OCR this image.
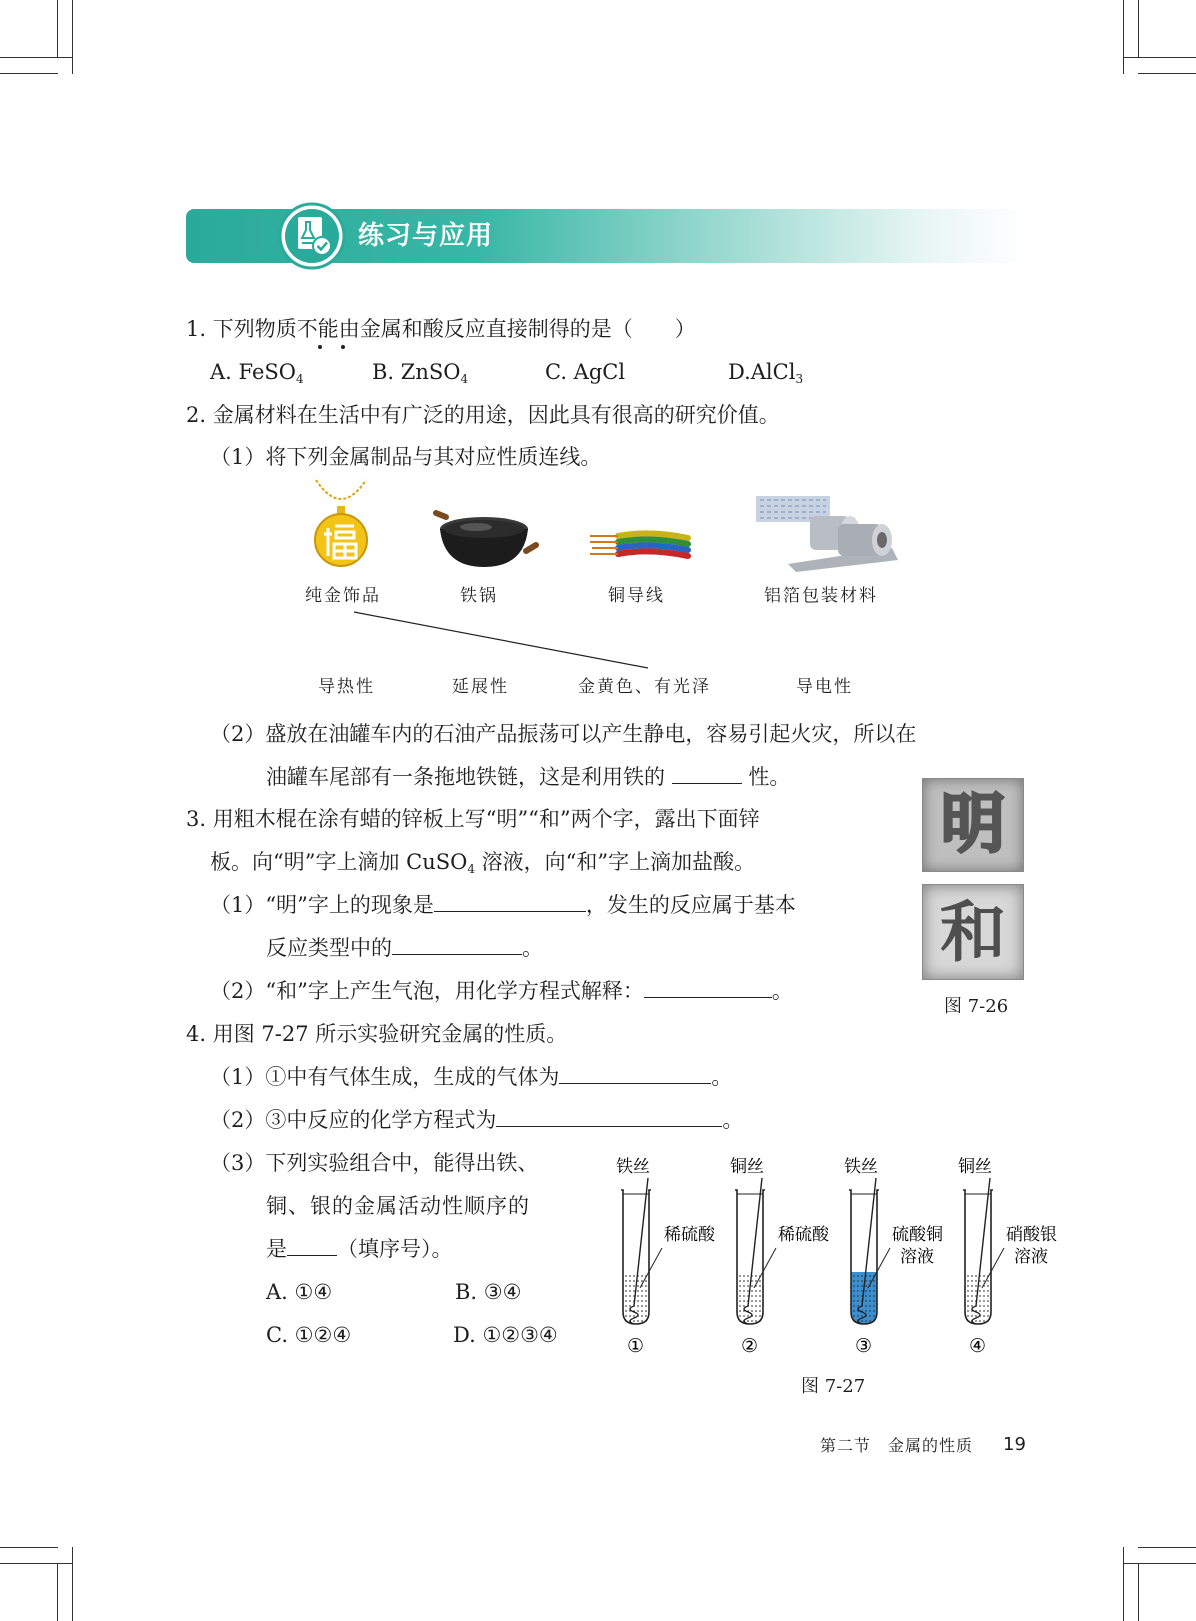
练习与应用
1. 下列物质不能由金属和酸反应直接制得的是（　　）
A. FeSO$_4$	B. ZnSO$_4$	C. AgCl	D.AlCl$_3$
2. 金属材料在生活中有广泛的用途，因此具有很高的研究价值。
（1）将下列金属制品与其对应性质连线。
纯金饰品	铁锅	铜导线	铝箔包装材料
导热性	延展性	金黄色、有光泽	导电性
（2）盛放在油罐车内的石油产品振荡可以产生静电，容易引起火灾，所以在
油罐车尾部有一条拖地铁链，这是利用铁的	性。
3. 用粗木棍在涂有蜡的锌板上写“明”“和”两个字，露出下面锌
板。向“明”字上滴加 CuSO$_4$ 溶液，向“和”字上滴加盐酸。
（1）“明”字上的现象是	，发生的反应属于基本
反应类型中的	。
（2）“和”字上产生气泡，用化学方程式解释：	。
明
和
图 7-26
4. 用图 7-27 所示实验研究金属的性质。
（1）①中有气体生成，生成的气体为	。
（2）③中反应的化学方程式为	。
（3）下列实验组合中，能得出铁、
铜、银的金属活动性顺序的
是 （填序号）。
A. ①④	B. ③④
C. ①②④	D. ①②③④
铁丝
稀硫酸
①
铜丝
稀硫酸
②
铁丝
硫酸铜
溶液
③
铜丝
硝酸银
溶液
④
图 7-27
第二节　金属的性质 19
